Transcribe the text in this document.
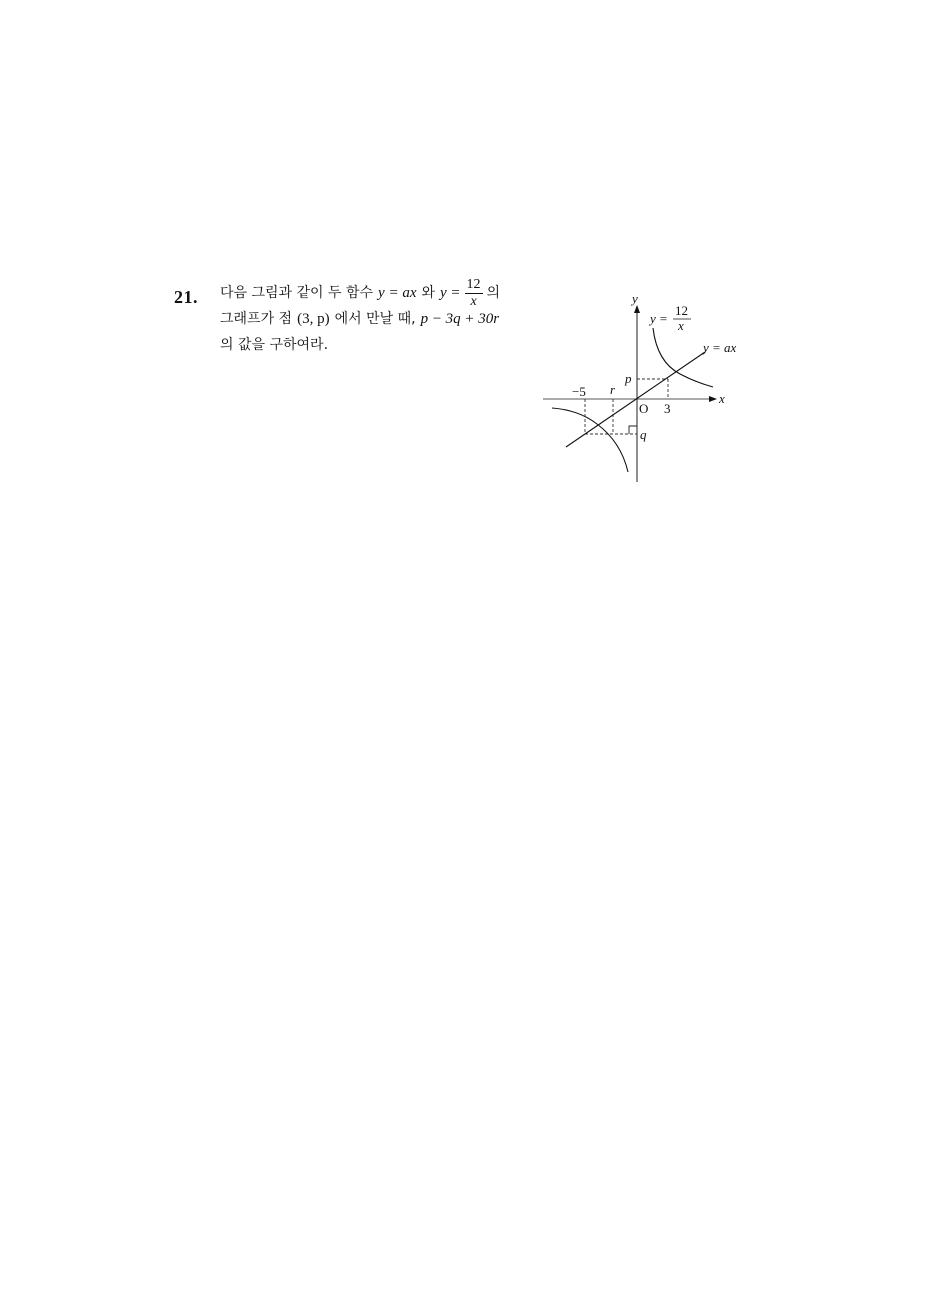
21. 다음 그림과 같이 두 함수 y = ax 와 $y = \frac{12}{x}$ 의
그래프가 점 (3, p) 에서 만날 때, p − 3q + 30r
의 값을 구하여라.
y
x
O
y =
12
x
y = ax
−5 r
3
p
q
